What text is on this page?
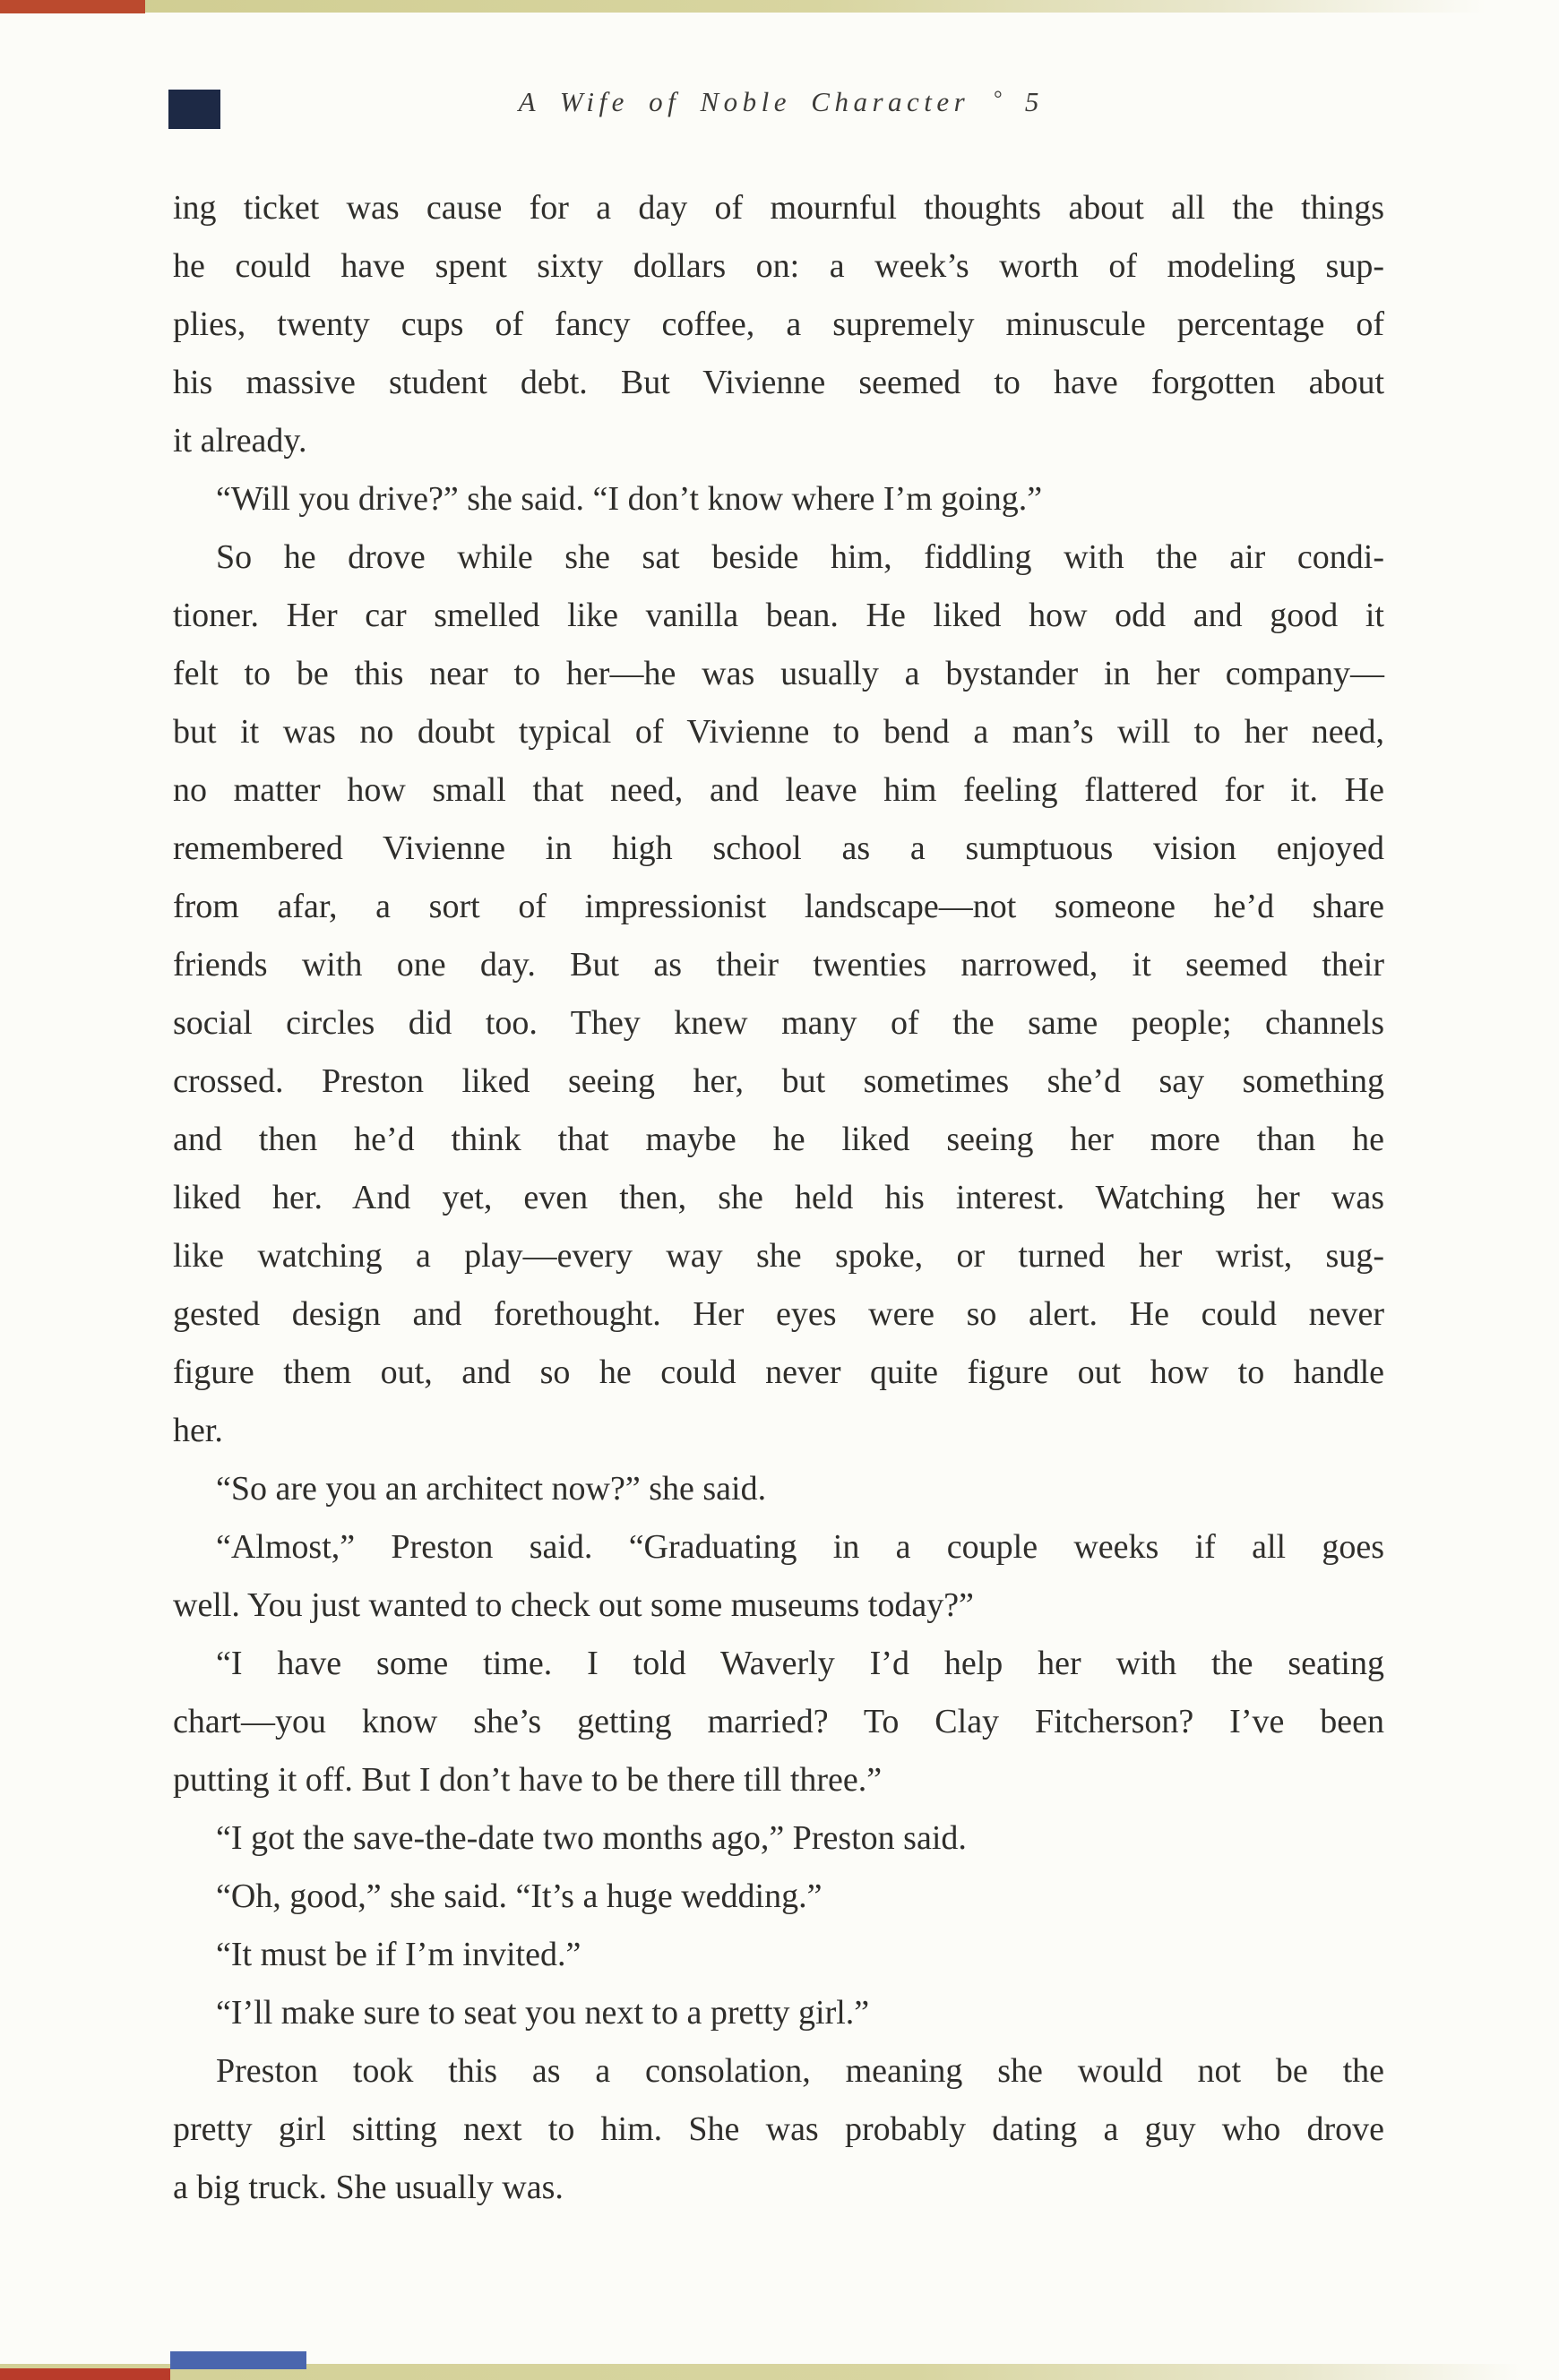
A Wife of Noble Character ° 5

ing ticket was cause for a day of mournful thoughts about all the things
he could have spent sixty dollars on: a week’s worth of modeling sup-
plies, twenty cups of fancy coffee, a supremely minuscule percentage of
his massive student debt. But Vivienne seemed to have forgotten about
it already.

“Will you drive?” she said. “I don’t know where I’m going.”

So he drove while she sat beside him, fiddling with the air condi-
tioner. Her car smelled like vanilla bean. He liked how odd and good it
felt to be this near to her—he was usually a bystander in her company—
but it was no doubt typical of Vivienne to bend a man’s will to her need,
no matter how small that need, and leave him feeling flattered for it. He
remembered Vivienne in high school as a sumptuous vision enjoyed
from afar, a sort of impressionist landscape—not someone he’d share
friends with one day. But as their twenties narrowed, it seemed their
social circles did too. They knew many of the same people; channels
crossed. Preston liked seeing her, but sometimes she’d say something
and then he’d think that maybe he liked seeing her more than he
liked her. And yet, even then, she held his interest. Watching her was
like watching a play—every way she spoke, or turned her wrist, sug-
gested design and forethought. Her eyes were so alert. He could never
figure them out, and so he could never quite figure out how to handle
her.

“So are you an architect now?” she said.

“Almost,” Preston said. “Graduating in a couple weeks if all goes
well. You just wanted to check out some museums today?”

“I have some time. I told Waverly I’d help her with the seating
chart—you know she’s getting married? To Clay Fitcherson? I’ve been
putting it off. But I don’t have to be there till three.”

“I got the save-the-date two months ago,” Preston said.

“Oh, good,” she said. “It’s a huge wedding.”

“It must be if I’m invited.”

“I’ll make sure to seat you next to a pretty girl.”

Preston took this as a consolation, meaning she would not be the
pretty girl sitting next to him. She was probably dating a guy who drove
a big truck. She usually was.
